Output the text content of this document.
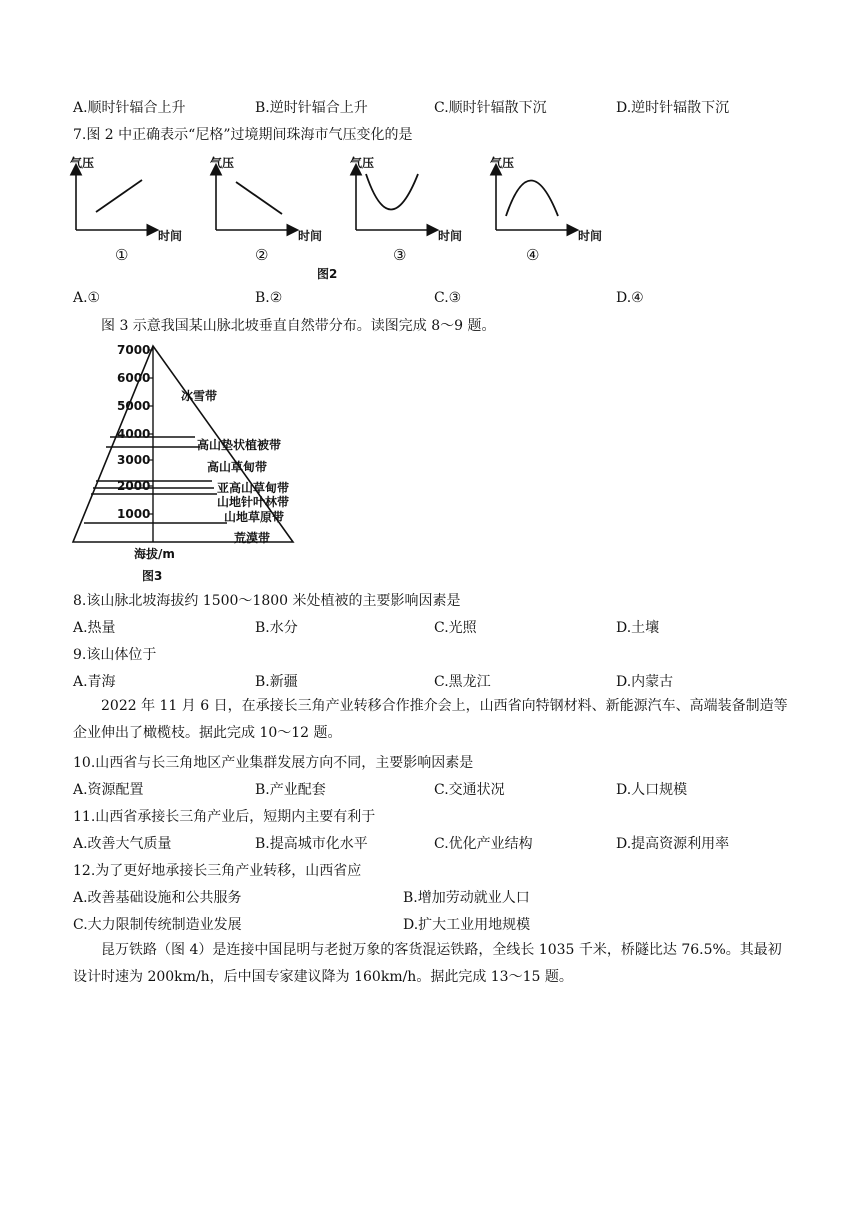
A.顺时针辐合上升	B.逆时针辐合上升	C.顺时针辐散下沉	D.逆时针辐散下沉
7.图 2 中正确表示“尼格”过境期间珠海市气压变化的是
气压
时间
①
气压
时间
②
气压
时间
③
气压
时间
④
图2
A.①	B.②	C.③	D.④
图 3 示意我国某山脉北坡垂直自然带分布。读图完成 8～9 题。
7000
6000
5000
4000
3000
2000
1000
冰雪带
高山垫状植被带
高山草甸带
亚高山草甸带
山地针叶林带
山地草原带
荒漠带
海拔/m
图3
8.该山脉北坡海拔约 1500～1800 米处植被的主要影响因素是
A.热量	B.水分	C.光照	D.土壤
9.该山体位于
A.青海	B.新疆	C.黑龙江	D.内蒙古
2022 年 11 月 6 日，在承接长三角产业转移合作推介会上，山西省向特钢材料、新能源汽车、高端装备制造等企业伸出了橄榄枝。据此完成 10～12 题。
10.山西省与长三角地区产业集群发展方向不同，主要影响因素是
A.资源配置	B.产业配套	C.交通状况	D.人口规模
11.山西省承接长三角产业后，短期内主要有利于
A.改善大气质量	B.提高城市化水平	C.优化产业结构	D.提高资源利用率
12.为了更好地承接长三角产业转移，山西省应
A.改善基础设施和公共服务	B.增加劳动就业人口
C.大力限制传统制造业发展	D.扩大工业用地规模
昆万铁路（图 4）是连接中国昆明与老挝万象的客货混运铁路，全线长 1035 千米，桥隧比达 76.5%。其最初设计时速为 200km/h，后中国专家建议降为 160km/h。据此完成 13～15 题。
